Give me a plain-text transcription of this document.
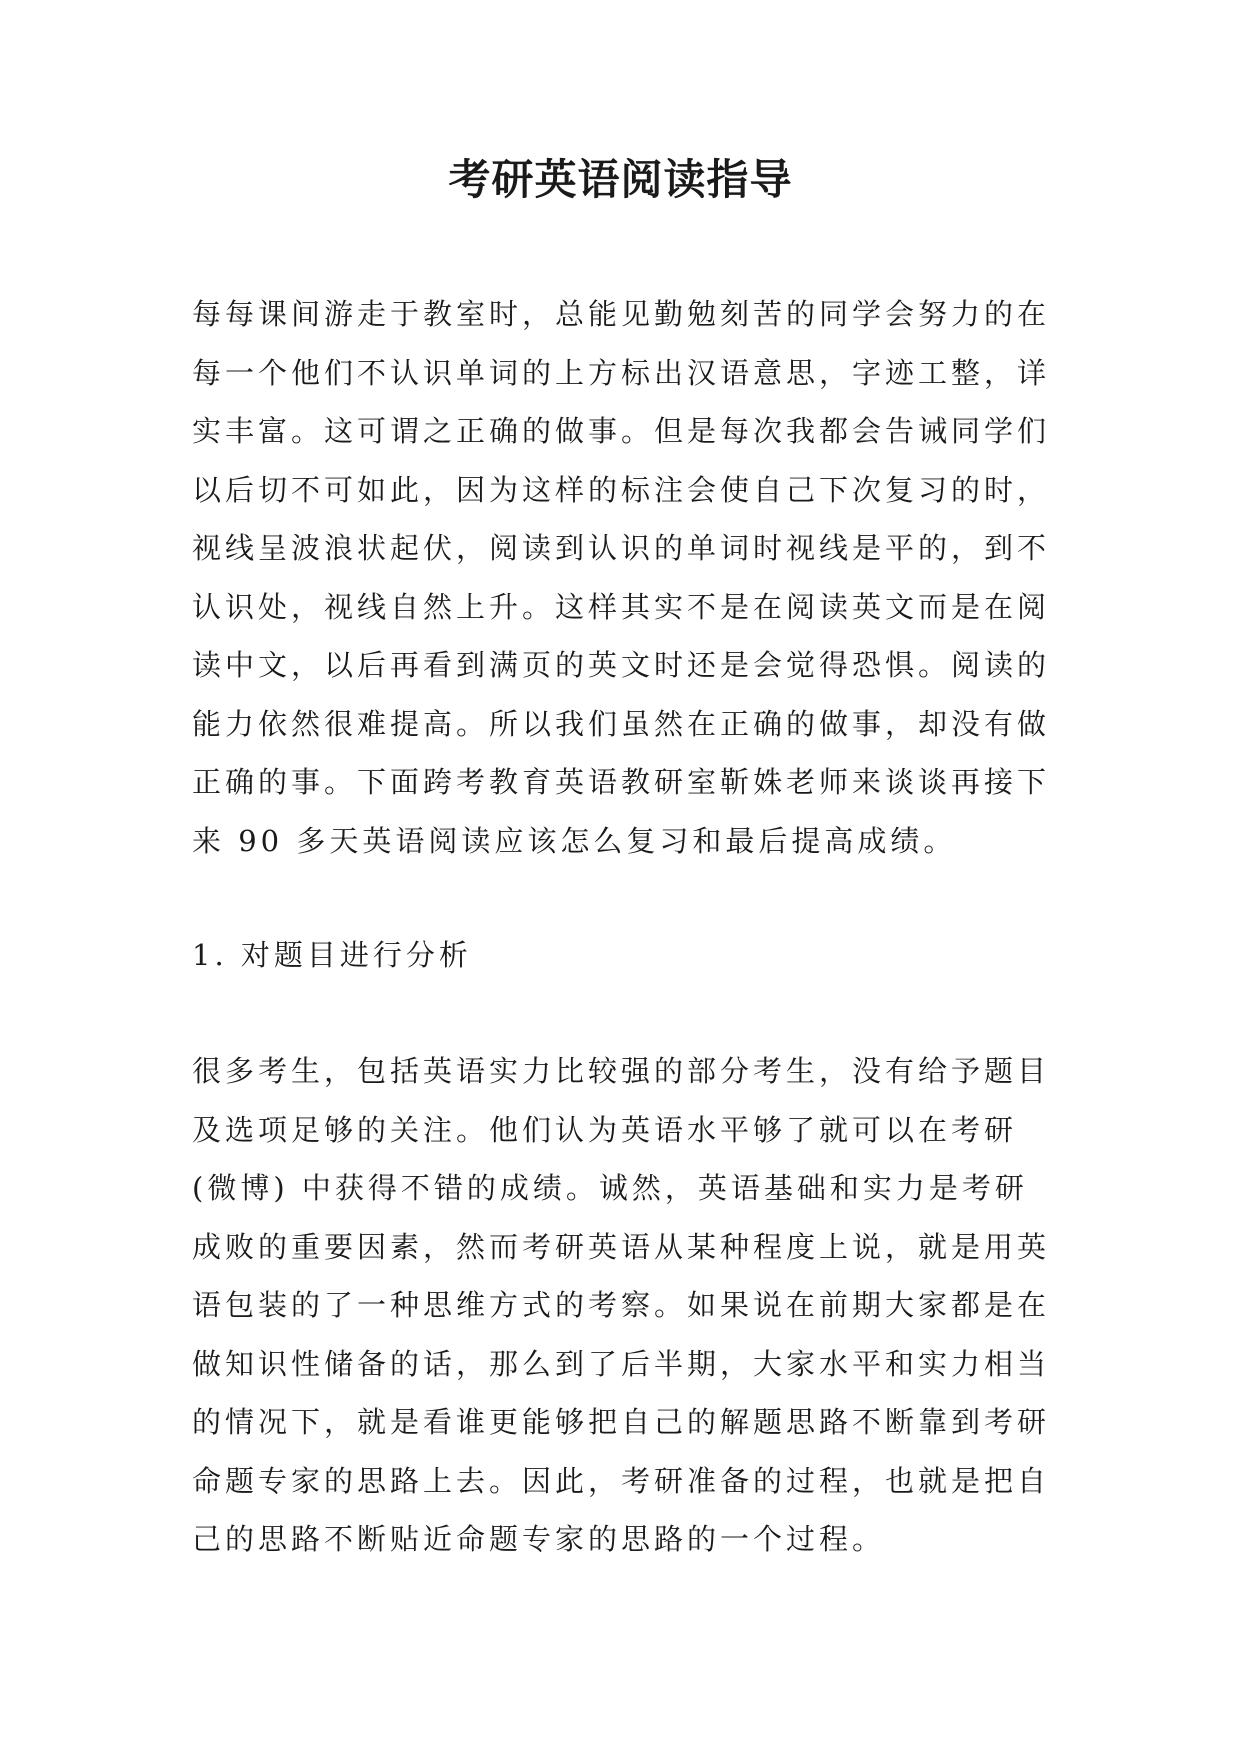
考研英语阅读指导

每每课间游走于教室时，总能见勤勉刻苦的同学会努力的在每一个他们不认识单词的上方标出汉语意思，字迹工整，详实丰富。这可谓之正确的做事。但是每次我都会告诫同学们以后切不可如此，因为这样的标注会使自己下次复习的时，视线呈波浪状起伏，阅读到认识的单词时视线是平的，到不认识处，视线自然上升。这样其实不是在阅读英文而是在阅读中文，以后再看到满页的英文时还是会觉得恐惧。阅读的能力依然很难提高。所以我们虽然在正确的做事，却没有做正确的事。下面跨考教育英语教研室靳姝老师来谈谈再接下来 90 多天英语阅读应该怎么复习和最后提高成绩。

1. 对题目进行分析

很多考生，包括英语实力比较强的部分考生，没有给予题目及选项足够的关注。他们认为英语水平够了就可以在考研(微博) 中获得不错的成绩。诚然，英语基础和实力是考研成败的重要因素，然而考研英语从某种程度上说，就是用英语包装的了一种思维方式的考察。如果说在前期大家都是在做知识性储备的话，那么到了后半期，大家水平和实力相当的情况下，就是看谁更能够把自己的解题思路不断靠到考研命题专家的思路上去。因此，考研准备的过程，也就是把自己的思路不断贴近命题专家的思路的一个过程。
